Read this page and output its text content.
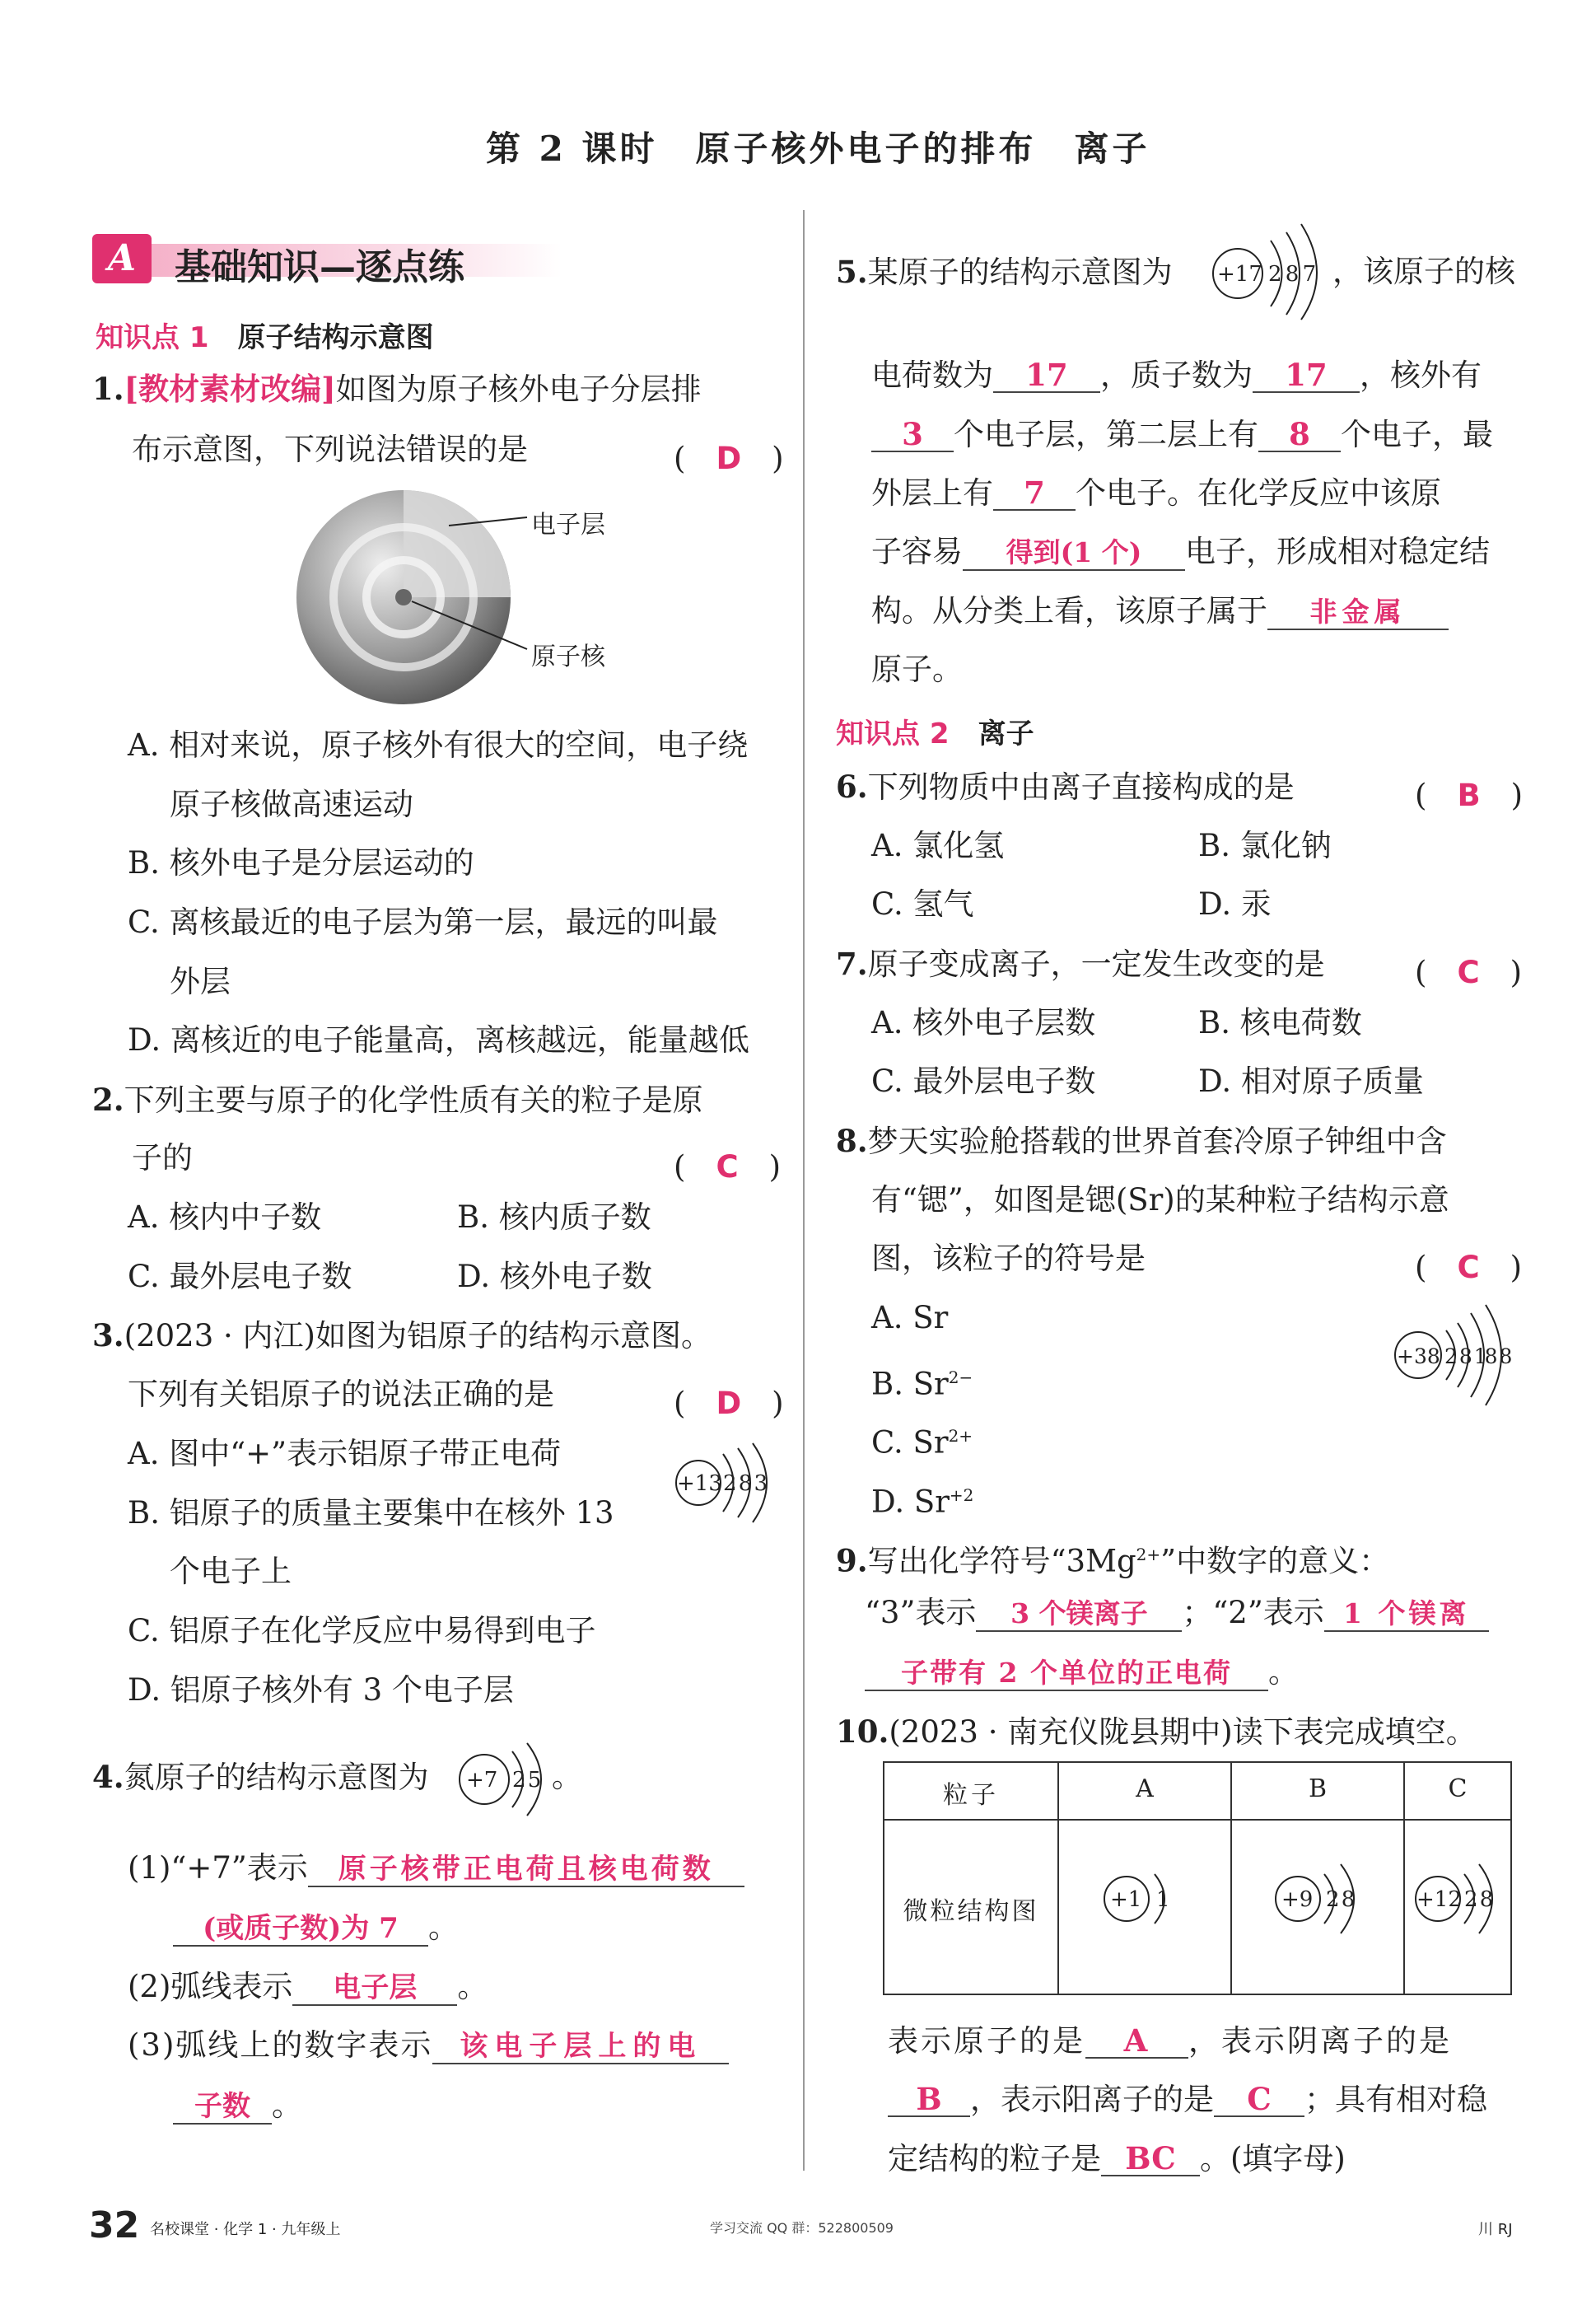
第 2 课时　原子核外电子的排布　离子
A	基础知识—逐点练
知识点 1 原子结构示意图
1.[教材素材改编]如图为原子核外电子分层排
布示意图，下列说法错误的是	(　D　)
电子层
原子核
A. 相对来说，原子核外有很大的空间，电子绕
原子核做高速运动
B. 核外电子是分层运动的
C. 离核最近的电子层为第一层，最远的叫最
外层
D. 离核近的电子能量高，离核越远，能量越低
2.下列主要与原子的化学性质有关的粒子是原
子的	(　C　)
A. 核内中子数	B. 核内质子数
C. 最外层电子数	D. 核外电子数
3.(2023 · 内江)如图为铝原子的结构示意图。
下列有关铝原子的说法正确的是	(　D　)
A. 图中“+”表示铝原子带正电荷
B. 铝原子的质量主要集中在核外 13
个电子上
C. 铝原子在化学反应中易得到电子
D. 铝原子核外有 3 个电子层
+13 2 8 3
4.氮原子的结构示意图为 +7 2 5 。
(1)“+7”表示 原子核带正电荷且核电荷数
(或质子数)为 7 。
(2)弧线表示 电子层 。
(3)弧线上的数字表示 该电子层上的电
子数 。
5.某原子的结构示意图为 +17 2 8 7 ，该原子的核
电荷数为 17 ，质子数为 17 ，核外有
3 个电子层，第二层上有 8 个电子，最
外层上有 7 个电子。在化学反应中该原
子容易 得到(1 个) 电子，形成相对稳定结
构。从分类上看，该原子属于 非金属
原子。
知识点 2 离子
6.下列物质中由离子直接构成的是	(　B　)
A. 氯化氢	B. 氯化钠
C. 氢气	D. 汞
7.原子变成离子，一定发生改变的是	(　C　)
A. 核外电子层数	B. 核电荷数
C. 最外层电子数	D. 相对原子质量
8.梦天实验舱搭载的世界首套冷原子钟组中含
有“锶”，如图是锶(Sr)的某种粒子结构示意
图，该粒子的符号是	(　C　)
A. Sr
B. $Sr^{2-}$
C. $Sr^{2+}$
D. $Sr^{+2}$
+38 2 8 18 8
9.写出化学符号“$3Mg^{2+}$”中数字的意义：
“3”表示 3 个镁离子 ；“2”表示 1 个镁离
子带有 2 个单位的正电荷 。
10.(2023 · 南充仪陇县期中)读下表完成填空。
粒子	A	B	C
微粒结构图	+1 1	+9 2 8	+12 2 8
表示原子的是 A ，表示阴离子的是
B ，表示阳离子的是 C ；具有相对稳
定结构的粒子是 BC 。(填字母)
32 名校课堂 · 化学 1 · 九年级上	学习交流 QQ 群：522800509	川 RJ
